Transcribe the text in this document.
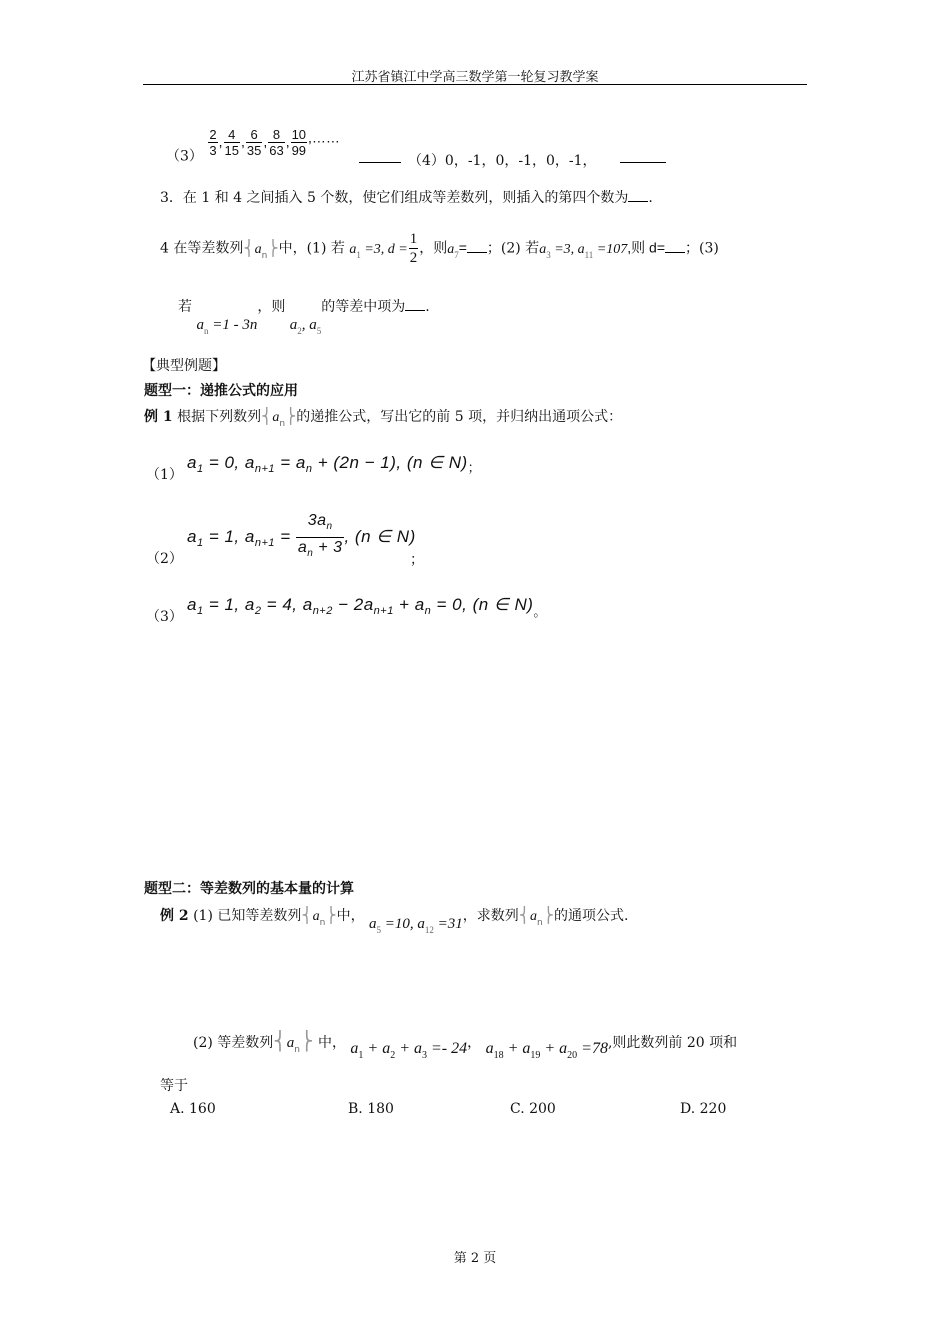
江苏省镇江中学高三数学第一轮复习教学案
$(3) \frac{2}{3}$ , $\frac{4}{15}$ , $\frac{6}{35}$ , $\frac{8}{63}$ , $\frac{10}{99}$ ,……
（4）0，-1，0，-1，0，-1，
3．在 1 和 4 之间插入 5 个数，使它们组成等差数列，则插入的第四个数为 .
4 在等差数列$⎨a_n⎬$中，(1) 若 $a_1 =3$, $d = \frac{1}{2}$ ，则$a_7=$ ；(2) 若$a_3 =3$, $a_{11} =107$,则 d= ；(3)
若 $a_n =1 - 3n$，则 $a_2$, $a_5$的等差中项为 .
【典型例题】
题型一：递推公式的应用
例 1 根据下列数列$⎨a_n⎬$的递推公式，写出它的前 5 项，并归纳出通项公式：
（1）
$a_1 = 0$, $a_{n+1} = a_n + (2n - 1)$, (n ∈ $N)_;$
（2）
$a_1 = 1$, $a_{n+1} = \frac{3a_n}{a_n + 3}$ , (n ∈ N)
；
（3）
$a_1 = 1$, $a_2 = 4$, $a_{n+2} - 2a_{n+1} + a_n = 0$, (n ∈ $N)_。$
题型二：等差数列的基本量的计算
例 2 (1) 已知等差数列$⎨a_n⎬$中， $a_5 =10$, $a_{12} =31$，求数列$⎨a_n⎬$的通项公式.
(2) 等差数列$⎨a_n⎬$ 中， $a_1 + a_2 + a_3 =- 24$， $a_{18} + a_{19} + a_{20} =78$,则此数列前 20 项和
等于
A. 160	B. 180	C. 200	D. 220
第 2 页
